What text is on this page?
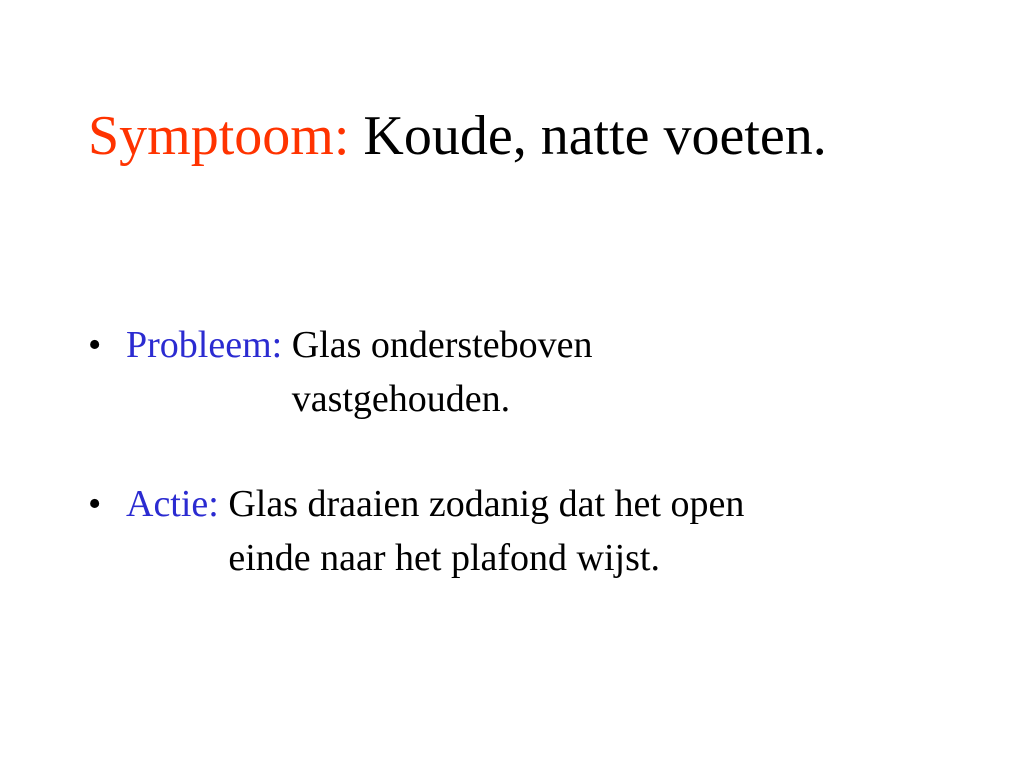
Symptoom: Koude, natte voeten.
• Probleem: Glas ondersteboven
vastgehouden.
• Actie: Glas draaien zodanig dat het open
einde naar het plafond wijst.
